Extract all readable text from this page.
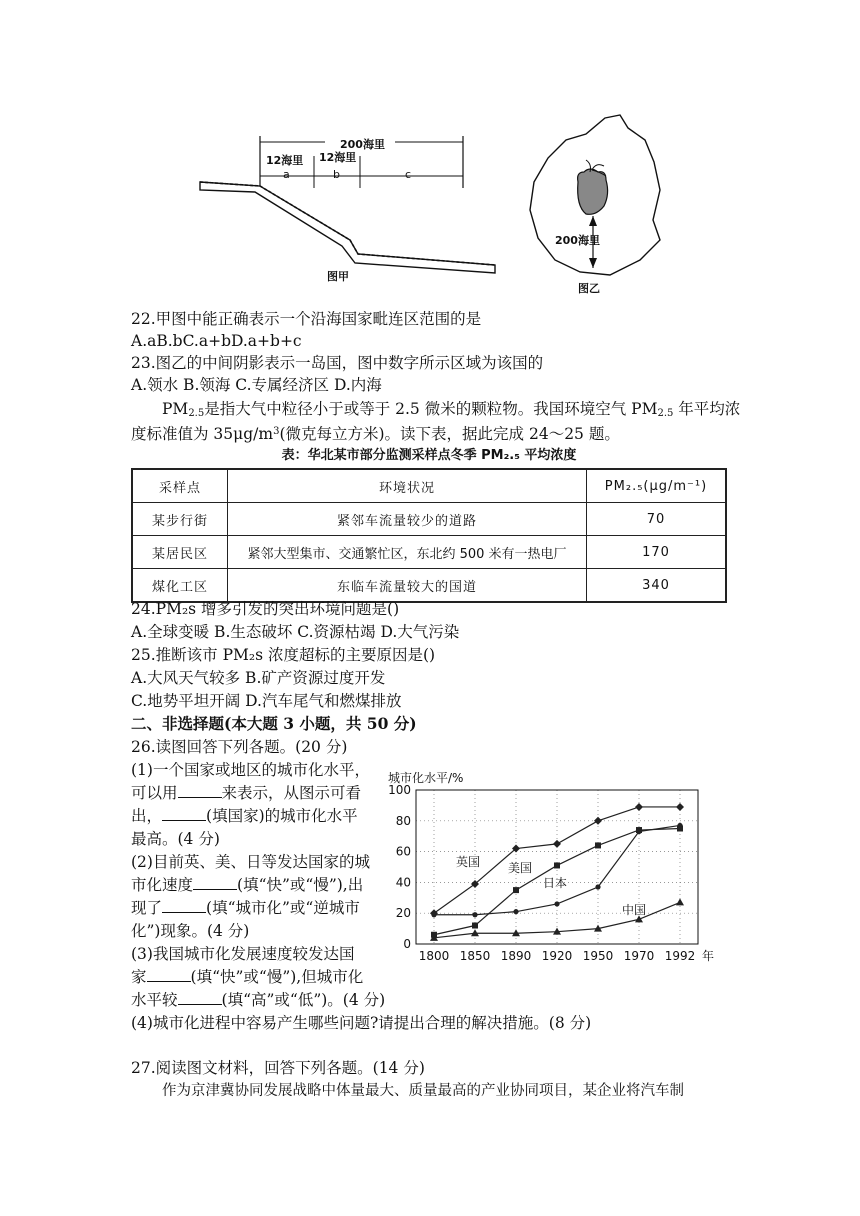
200海里
12海里 12海里
a	b	c
图甲
200海里
图乙
22.甲图中能正确表示一个沿海国家毗连区范围的是
A.aB.bC.a+bD.a+b+c
23.图乙的中间阴影表示一岛国，图中数字所示区域为该国的
A.领水 B.领海 C.专属经济区 D.内海
$PM_{2.5}$是指大气中粒径小于或等于 2.5 微米的颗粒物。我国环境空气 $PM_{2.5}$ 年平均浓
度标准值为 $35\mu g/m^3$(微克每立方米)。读下表，据此完成 24～25 题。
表：华北某市部分监测采样点冬季 PM₂.₅ 平均浓度
采样点	环境状况	PM₂.₅(μg/m⁻¹)
某步行街	紧邻车流量较少的道路	70
某居民区	紧邻大型集市、交通繁忙区，东北约 500 米有一热电厂	170
煤化工区	东临车流量较大的国道	340
24.PM₂s 增多引发的突出环境问题是()
A.全球变暖 B.生态破坏 C.资源枯竭 D.大气污染
25.推断该市 PM₂s 浓度超标的主要原因是()
A.大风天气较多 B.矿产资源过度开发
C.地势平坦开阔 D.汽车尾气和燃煤排放
二、非选择题(本大题 3 小题，共 50 分)
26.读图回答下列各题。(20 分)
(1)一个国家或地区的城市化水平，
可以用	来表示，从图示可看
出，	(填国家)的城市化水平
最高。(4 分)
(2)目前英、美、日等发达国家的城
市化速度	(填“快”或“慢”),出
现了	(填“城市化”或“逆城市
化”)现象。(4 分)
(3)我国城市化发展速度较发达国
家	(填“快”或“慢”),但城市化
水平较	(填“高”或“低”)。(4 分)
(4)城市化进程中容易产生哪些问题?请提出合理的解决措施。(8 分)
27.阅读图文材料，回答下列各题。(14 分)
作为京津冀协同发展战略中体量最大、质量最高的产业协同项目，某企业将汽车制
城市化水平/%
年
0
20
40
60
80
100
1800 1850 1890 1920 1950 1970 1992
英国 美国
日本
中国
